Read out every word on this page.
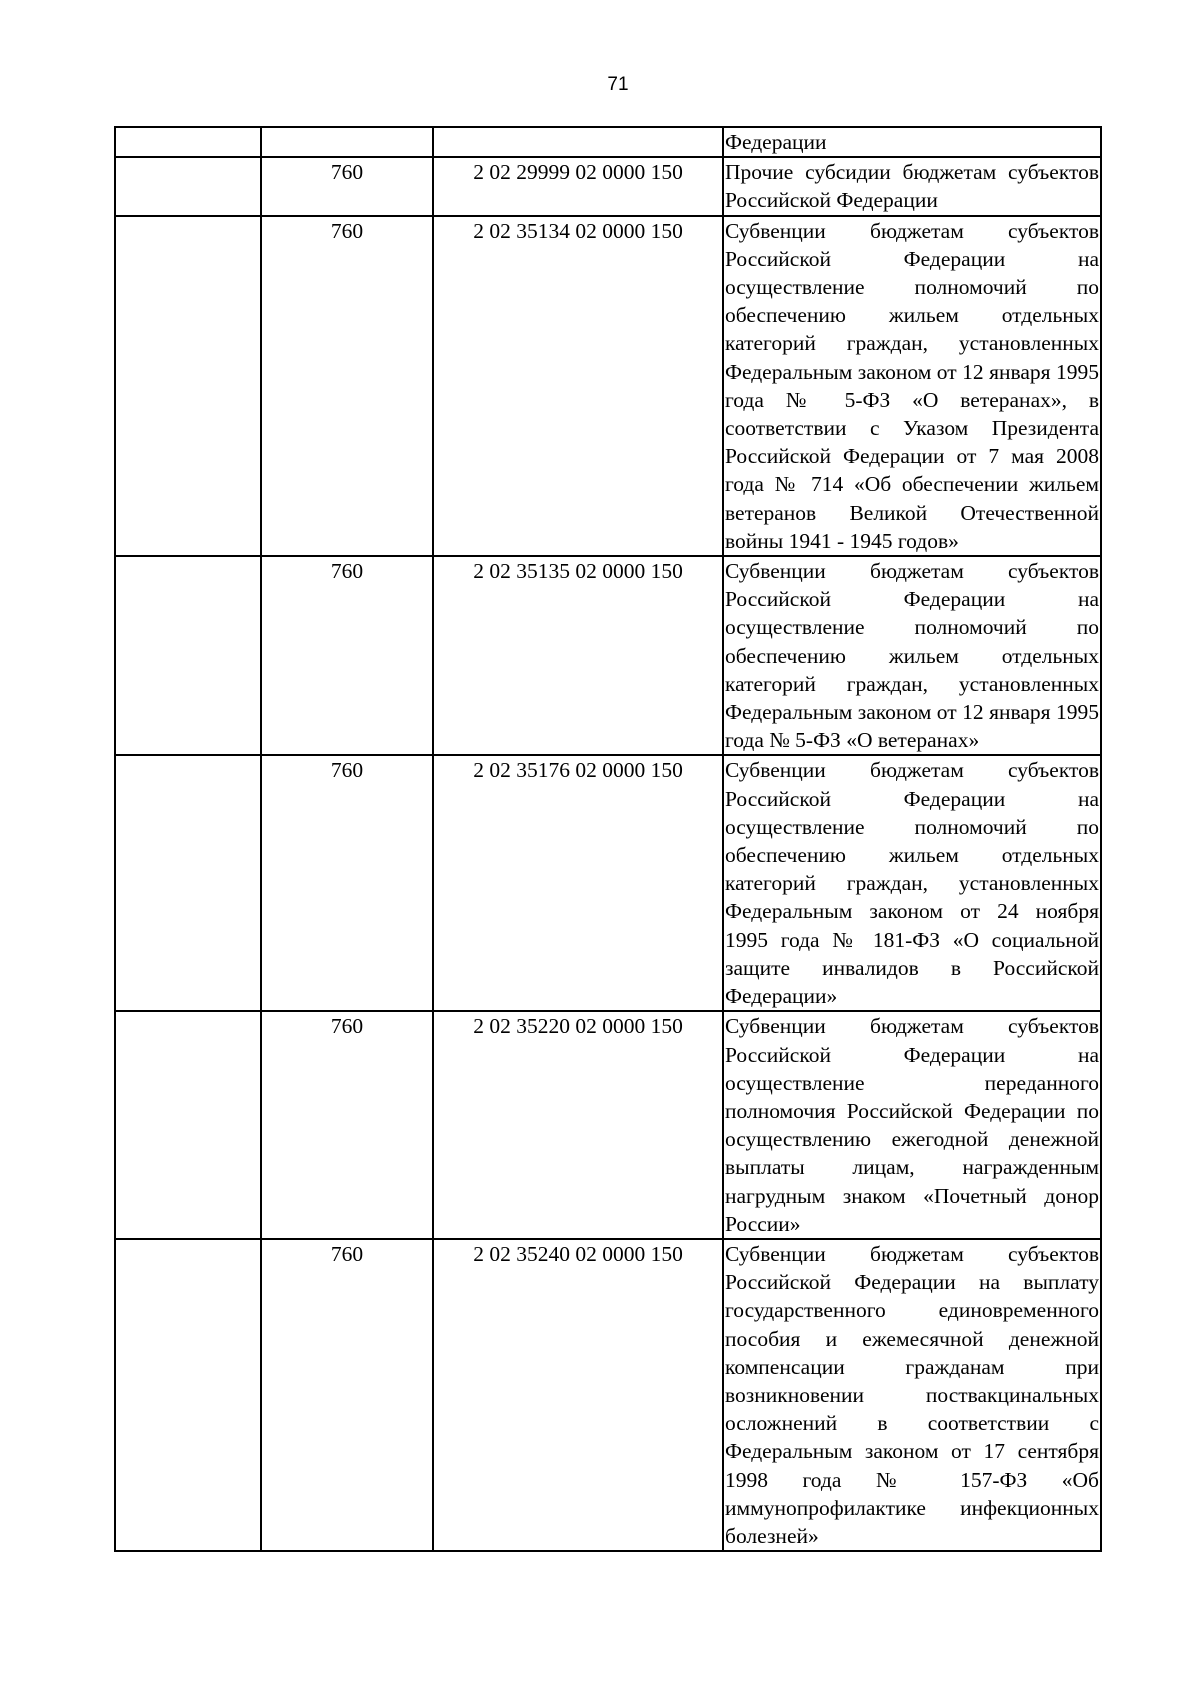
71
			Федерации
	760	2 02 29999 02 0000 150	Прочие субсидии бюджетам субъектов Российской Федерации
	760	2 02 35134 02 0000 150	Субвенции бюджетам субъектов Российской Федерации на осуществление полномочий по обеспечению жильем отдельных категорий граждан, установленных Федеральным законом от 12 января 1995 года № 5-ФЗ «О ветеранах», в соответствии с Указом Президента Российской Федерации от 7 мая 2008 года № 714 «Об обеспечении жильем ветеранов Великой Отечественной войны 1941 - 1945 годов»
	760	2 02 35135 02 0000 150	Субвенции бюджетам субъектов Российской Федерации на осуществление полномочий по обеспечению жильем отдельных категорий граждан, установленных Федеральным законом от 12 января 1995 года № 5-ФЗ «О ветеранах»
	760	2 02 35176 02 0000 150	Субвенции бюджетам субъектов Российской Федерации на осуществление полномочий по обеспечению жильем отдельных категорий граждан, установленных Федеральным законом от 24 ноября 1995 года № 181-ФЗ «О социальной защите инвалидов в Российской Федерации»
	760	2 02 35220 02 0000 150	Субвенции бюджетам субъектов Российской Федерации на осуществление переданного полномочия Российской Федерации по осуществлению ежегодной денежной выплаты лицам, награжденным нагрудным знаком «Почетный донор России»
	760	2 02 35240 02 0000 150	Субвенции бюджетам субъектов Российской Федерации на выплату государственного единовременного пособия и ежемесячной денежной компенсации гражданам при возникновении поствакцинальных осложнений в соответствии с Федеральным законом от 17 сентября 1998 года № 157-ФЗ «Об иммунопрофилактике инфекционных болезней»
